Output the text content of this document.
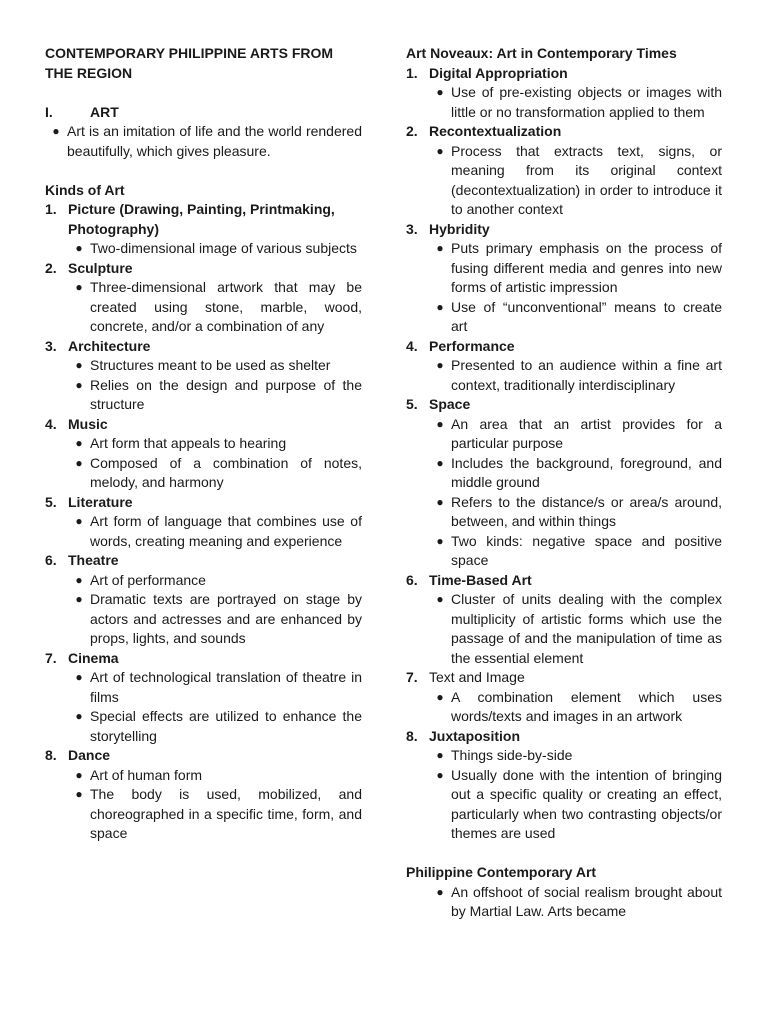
CONTEMPORARY PHILIPPINE ARTS FROM THE REGION

I.	ART
● Art is an imitation of life and the world rendered beautifully, which gives pleasure.

Kinds of Art

1. Picture (Drawing, Painting, Printmaking, Photography)
● Two-dimensional image of various subjects
2. Sculpture
● Three-dimensional artwork that may be created using stone, marble, wood, concrete, and/or a combination of any
3. Architecture
● Structures meant to be used as shelter
● Relies on the design and purpose of the structure
4. Music
● Art form that appeals to hearing
● Composed of a combination of notes, melody, and harmony
5. Literature
● Art form of language that combines use of words, creating meaning and experience
6. Theatre
● Art of performance
● Dramatic texts are portrayed on stage by actors and actresses and are enhanced by props, lights, and sounds
7. Cinema
● Art of technological translation of theatre in films
● Special effects are utilized to enhance the storytelling
8. Dance
● Art of human form
● The body is used, mobilized, and choreographed in a specific time, form, and space

Art Noveaux: Art in Contemporary Times

1. Digital Appropriation
● Use of pre-existing objects or images with little or no transformation applied to them
2. Recontextualization
● Process that extracts text, signs, or meaning from its original context (decontextualization) in order to introduce it to another context
3. Hybridity
● Puts primary emphasis on the process of fusing different media and genres into new forms of artistic impression
● Use of “unconventional” means to create art
4. Performance
● Presented to an audience within a fine art context, traditionally interdisciplinary
5. Space
● An area that an artist provides for a particular purpose
● Includes the background, foreground, and middle ground
● Refers to the distance/s or area/s around, between, and within things
● Two kinds: negative space and positive space
6. Time-Based Art
● Cluster of units dealing with the complex multiplicity of artistic forms which use the passage of and the manipulation of time as the essential element
7. Text and Image
● A combination element which uses words/texts and images in an artwork
8. Juxtaposition
● Things side-by-side
● Usually done with the intention of bringing out a specific quality or creating an effect, particularly when two contrasting objects/or themes are used

Philippine Contemporary Art

● An offshoot of social realism brought about by Martial Law. Arts became
